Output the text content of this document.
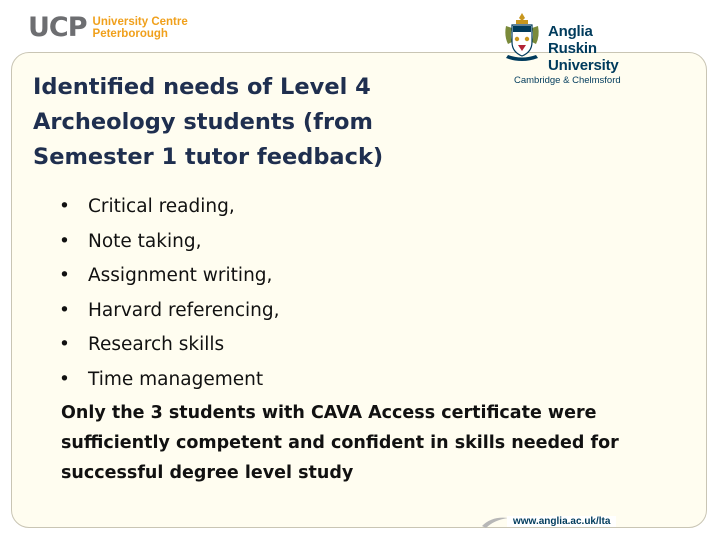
UCP University Centre
Peterborough	Anglia Ruskin
University
Cambridge & Chelmsford
Identified needs of Level 4
Archeology students (from
Semester 1 tutor feedback)
• Critical reading,
• Note taking,
• Assignment writing,
• Harvard referencing,
• Research skills
• Time management
Only the 3 students with CAVA Access certificate were
sufficiently competent and confident in skills needed for
successful degree level study
www.anglia.ac.uk/lta
